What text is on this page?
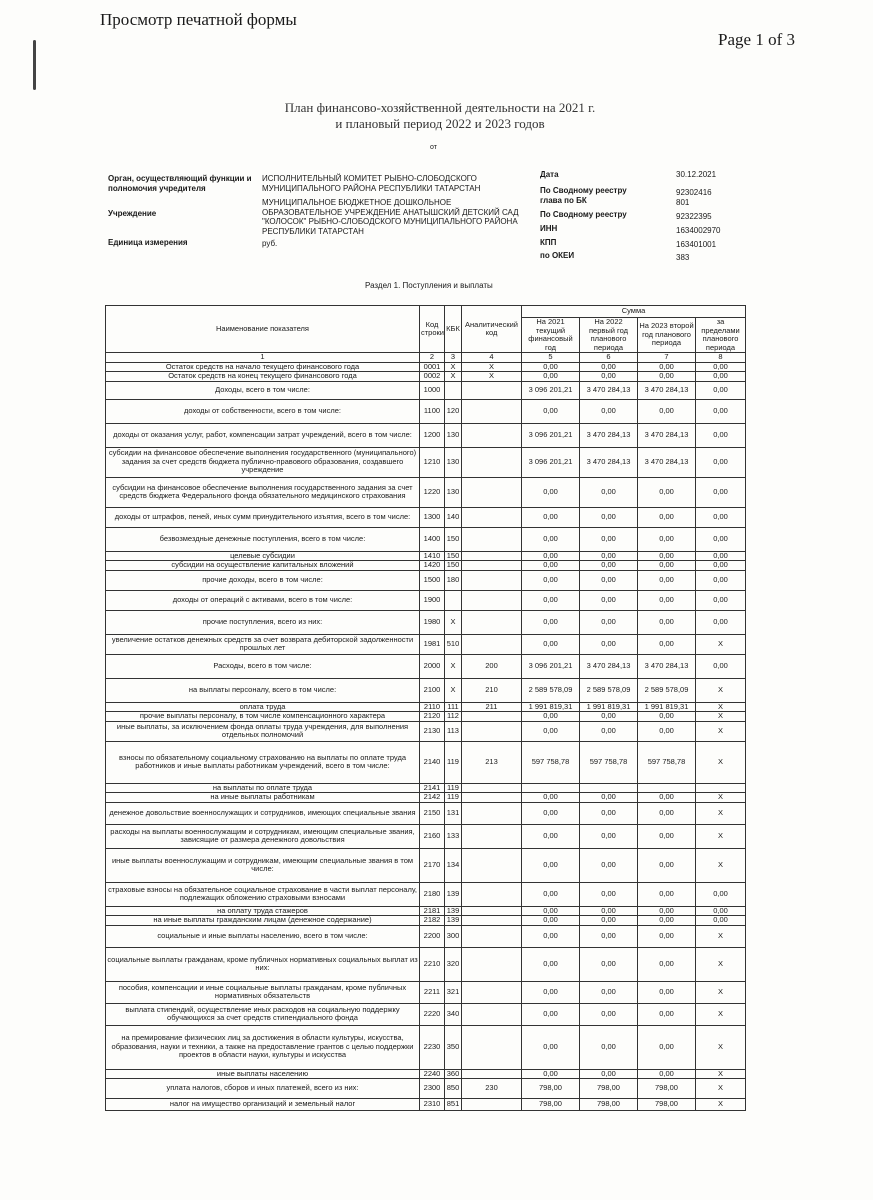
Просмотр печатной формы
Page 1 of 3
План финансово-хозяйственной деятельности на 2021 г.
и плановый период 2022 и 2023 годов
от
Орган, осуществляющий функции и полномочия учредителя
ИСПОЛНИТЕЛЬНЫЙ КОМИТЕТ РЫБНО-СЛОБОДСКОГО МУНИЦИПАЛЬНОГО РАЙОНА РЕСПУБЛИКИ ТАТАРСТАН
Учреждение
МУНИЦИПАЛЬНОЕ БЮДЖЕТНОЕ ДОШКОЛЬНОЕ ОБРАЗОВАТЕЛЬНОЕ УЧРЕЖДЕНИЕ АНАТЫШСКИЙ ДЕТСКИЙ САД "КОЛОСОК" РЫБНО-СЛОБОДСКОГО МУНИЦИПАЛЬНОГО РАЙОНА РЕСПУБЛИКИ ТАТАРСТАН
Единица измерения	руб.
Дата	30.12.2021
По Сводному реестру глава по БК
92302416 801
По Сводному реестру	92322395
ИНН	1634002970
КПП	163401001
по ОКЕИ	383
Раздел 1. Поступления и выплаты
Наименование показателя	Код строки	КБК	Аналитический код	Сумма			
				На 2021 текущий финансовый год	На 2022 первый год планового периода	На 2023 второй год планового периода	за пределами планового периода
1	2	3	4	5	6	7	8
Остаток средств на начало текущего финансового года	0001	X	X	0,00	0,00	0,00	0,00
Остаток средств на конец текущего финансового года	0002	X	X	0,00	0,00	0,00	0,00
Доходы, всего в том числе:	1000			3 096 201,21	3 470 284,13	3 470 284,13	0,00
доходы от собственности, всего в том числе:	1100	120		0,00	0,00	0,00	0,00
доходы от оказания услуг, работ, компенсации затрат учреждений, всего в том числе:	1200	130		3 096 201,21	3 470 284,13	3 470 284,13	0,00
субсидии на финансовое обеспечение выполнения государственного (муниципального) задания за счет средств бюджета публично-правового образования, создавшего учреждение	1210	130		3 096 201,21	3 470 284,13	3 470 284,13	0,00
субсидии на финансовое обеспечение выполнения государственного задания за счет средств бюджета Федерального фонда обязательного медицинского страхования	1220	130		0,00	0,00	0,00	0,00
доходы от штрафов, пеней, иных сумм принудительного изъятия, всего в том числе:	1300	140		0,00	0,00	0,00	0,00
безвозмездные денежные поступления, всего в том числе:	1400	150		0,00	0,00	0,00	0,00
целевые субсидии	1410	150		0,00	0,00	0,00	0,00
субсидии на осуществление капитальных вложений	1420	150		0,00	0,00	0,00	0,00
прочие доходы, всего в том числе:	1500	180		0,00	0,00	0,00	0,00
доходы от операций с активами, всего в том числе:	1900			0,00	0,00	0,00	0,00
прочие поступления, всего из них:	1980	X		0,00	0,00	0,00	0,00
увеличение остатков денежных средств за счет возврата дебиторской задолженности прошлых лет	1981	510		0,00	0,00	0,00	X
Расходы, всего в том числе:	2000	X	200	3 096 201,21	3 470 284,13	3 470 284,13	0,00
на выплаты персоналу, всего в том числе:	2100	X	210	2 589 578,09	2 589 578,09	2 589 578,09	X
оплата труда	2110	111	211	1 991 819,31	1 991 819,31	1 991 819,31	X
прочие выплаты персоналу, в том числе компенсационного характера	2120	112		0,00	0,00	0,00	X
иные выплаты, за исключением фонда оплаты труда учреждения, для выполнения отдельных полномочий	2130	113		0,00	0,00	0,00	X
взносы по обязательному социальному страхованию на выплаты по оплате труда работников и иные выплаты работникам учреждений, всего в том числе:	2140	119	213	597 758,78	597 758,78	597 758,78	X
на выплаты по оплате труда	2141	119					
на иные выплаты работникам	2142	119		0,00	0,00	0,00	X
денежное довольствие военнослужащих и сотрудников, имеющих специальные звания	2150	131		0,00	0,00	0,00	X
расходы на выплаты военнослужащим и сотрудникам, имеющим специальные звания, зависящие от размера денежного довольствия	2160	133		0,00	0,00	0,00	X
иные выплаты военнослужащим и сотрудникам, имеющим специальные звания в том числе:	2170	134		0,00	0,00	0,00	X
страховые взносы на обязательное социальное страхование в части выплат персоналу, подлежащих обложению страховыми взносами	2180	139		0,00	0,00	0,00	0,00
на оплату труда стажеров	2181	139		0,00	0,00	0,00	0,00
на иные выплаты гражданским лицам (денежное содержание)	2182	139		0,00	0,00	0,00	0,00
социальные и иные выплаты населению, всего в том числе:	2200	300		0,00	0,00	0,00	X
социальные выплаты гражданам, кроме публичных нормативных социальных выплат из них:	2210	320		0,00	0,00	0,00	X
пособия, компенсации и иные социальные выплаты гражданам, кроме публичных нормативных обязательств	2211	321		0,00	0,00	0,00	X
выплата стипендий, осуществление иных расходов на социальную поддержку обучающихся за счет средств стипендиального фонда	2220	340		0,00	0,00	0,00	X
на премирование физических лиц за достижения в области культуры, искусства, образования, науки и техники, а также на предоставление грантов с целью поддержки проектов в области науки, культуры и искусства	2230	350		0,00	0,00	0,00	X
иные выплаты населению	2240	360		0,00	0,00	0,00	X
уплата налогов, сборов и иных платежей, всего из них:	2300	850	230	798,00	798,00	798,00	X
налог на имущество организаций и земельный налог	2310	851		798,00	798,00	798,00	X
